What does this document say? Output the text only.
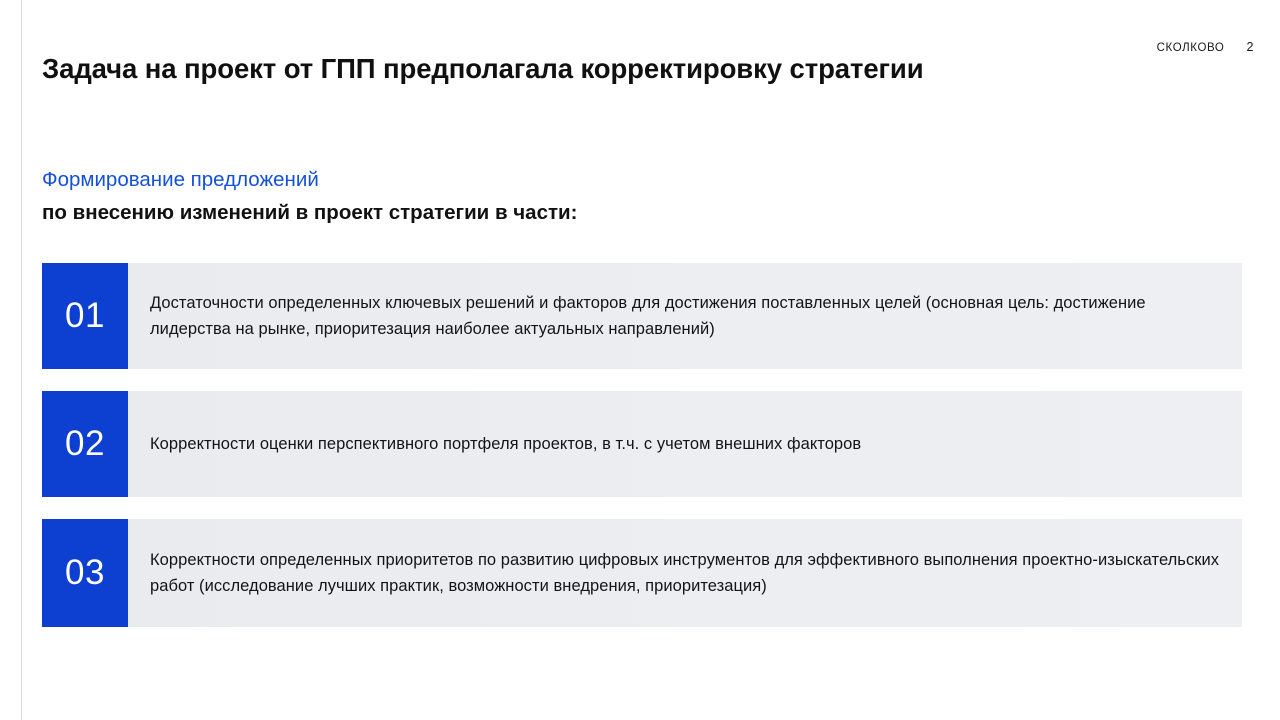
СКОЛКОВО 2
Задача на проект от ГПП предполагала корректировку стратегии
Формирование предложений
по внесению изменений в проект стратегии в части:
01	Достаточности определенных ключевых решений и факторов для достижения поставленных целей (основная цель: достижение лидерства на рынке, приоритезация наиболее актуальных направлений)

02	Корректности оценки перспективного портфеля проектов, в т.ч. с учетом внешних факторов

03	Корректности определенных приоритетов по развитию цифровых инструментов для эффективного выполнения проектно-изыскательских работ (исследование лучших практик, возможности внедрения, приоритезация)
